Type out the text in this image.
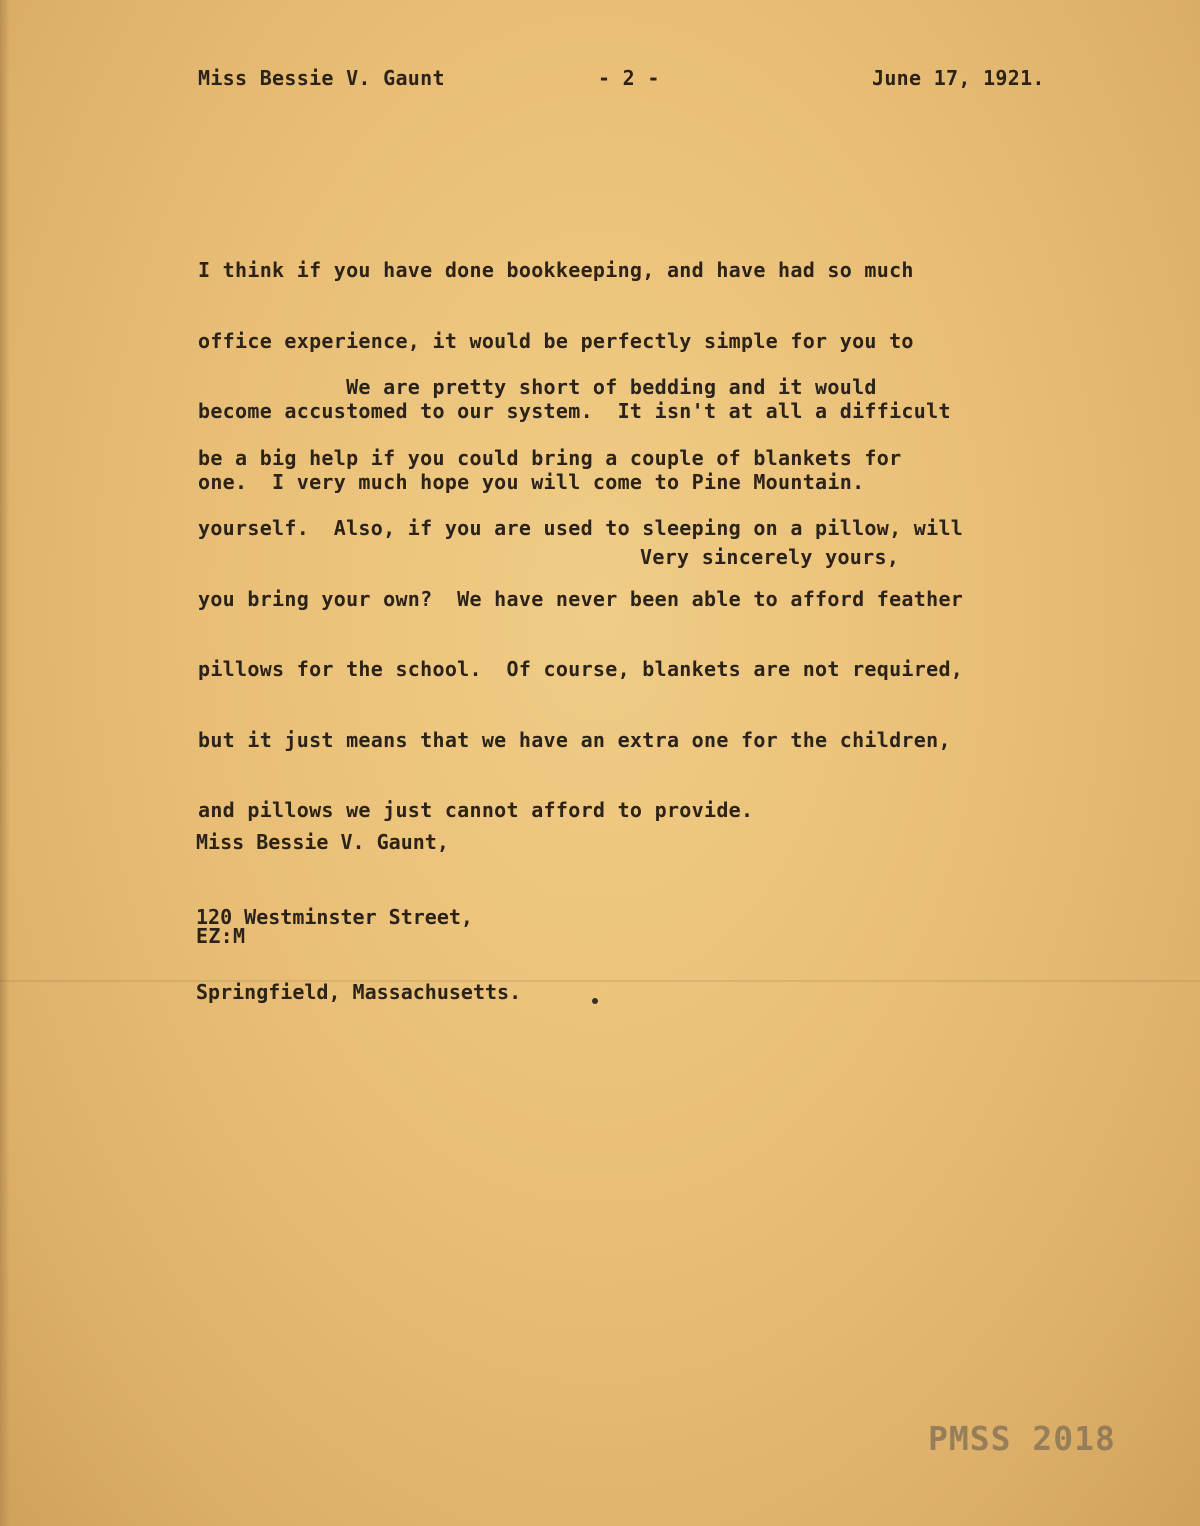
Miss Bessie V. Gaunt	- 2 -	June 17, 1921.

I think if you have done bookkeeping, and have had so much

office experience, it would be perfectly simple for you to

become accustomed to our system.  It isn't at all a difficult

one.  I very much hope you will come to Pine Mountain.

We are pretty short of bedding and it would

be a big help if you could bring a couple of blankets for

yourself.  Also, if you are used to sleeping on a pillow, will

you bring your own?  We have never been able to afford feather

pillows for the school.  Of course, blankets are not required,

but it just means that we have an extra one for the children,

and pillows we just cannot afford to provide.

Very sincerely yours,

Miss Bessie V. Gaunt,

120 Westminster Street,

Springfield, Massachusetts.

EZ:M
PMSS 2018
